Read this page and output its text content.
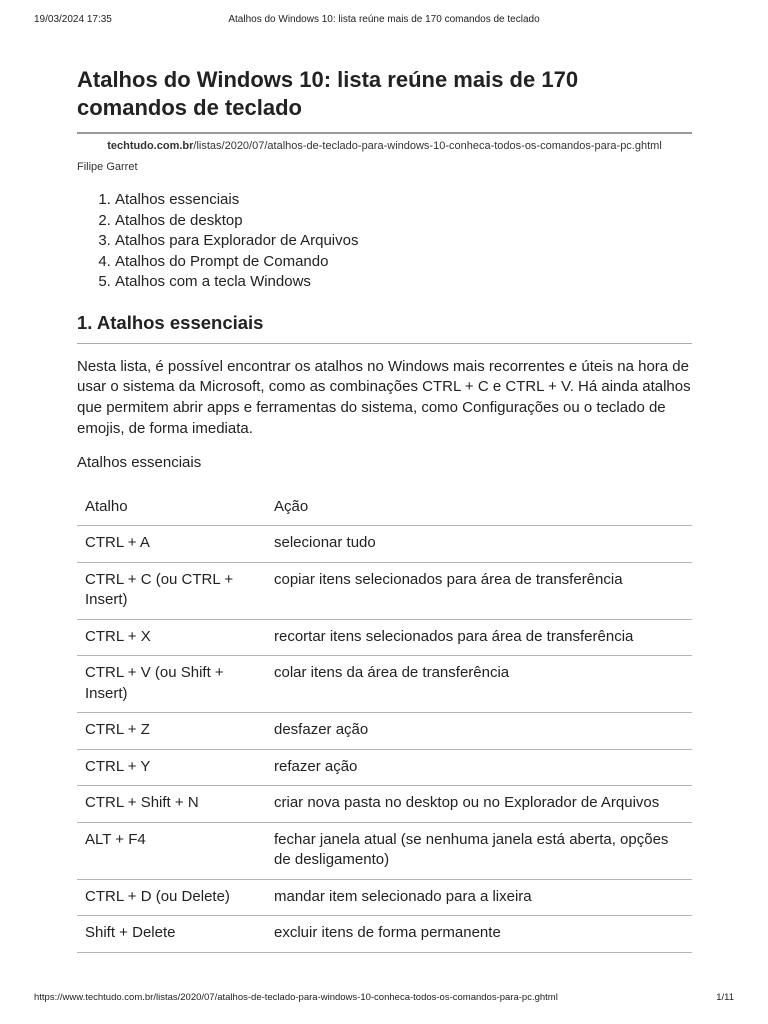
19/03/2024 17:35	Atalhos do Windows 10: lista reúne mais de 170 comandos de teclado
Atalhos do Windows 10: lista reúne mais de 170 comandos de teclado
techtudo.com.br/listas/2020/07/atalhos-de-teclado-para-windows-10-conheca-todos-os-comandos-para-pc.ghtml
Filipe Garret
1. Atalhos essenciais
2. Atalhos de desktop
3. Atalhos para Explorador de Arquivos
4. Atalhos do Prompt de Comando
5. Atalhos com a tecla Windows
1. Atalhos essenciais

Nesta lista, é possível encontrar os atalhos no Windows mais recorrentes e úteis na hora de usar o sistema da Microsoft, como as combinações CTRL + C e CTRL + V. Há ainda atalhos que permitem abrir apps e ferramentas do sistema, como Configurações ou o teclado de emojis, de forma imediata.

Atalhos essenciais
Atalho	Ação
CTRL + A	selecionar tudo
CTRL + C (ou CTRL + Insert)	copiar itens selecionados para área de transferência
CTRL + X	recortar itens selecionados para área de transferência
CTRL + V (ou Shift + Insert)	colar itens da área de transferência
CTRL + Z	desfazer ação
CTRL + Y	refazer ação
CTRL + Shift + N	criar nova pasta no desktop ou no Explorador de Arquivos
ALT + F4	fechar janela atual (se nenhuma janela está aberta, opções de desligamento)
CTRL + D (ou Delete)	mandar item selecionado para a lixeira
Shift + Delete	excluir itens de forma permanente
https://www.techtudo.com.br/listas/2020/07/atalhos-de-teclado-para-windows-10-conheca-todos-os-comandos-para-pc.ghtml	1/11
